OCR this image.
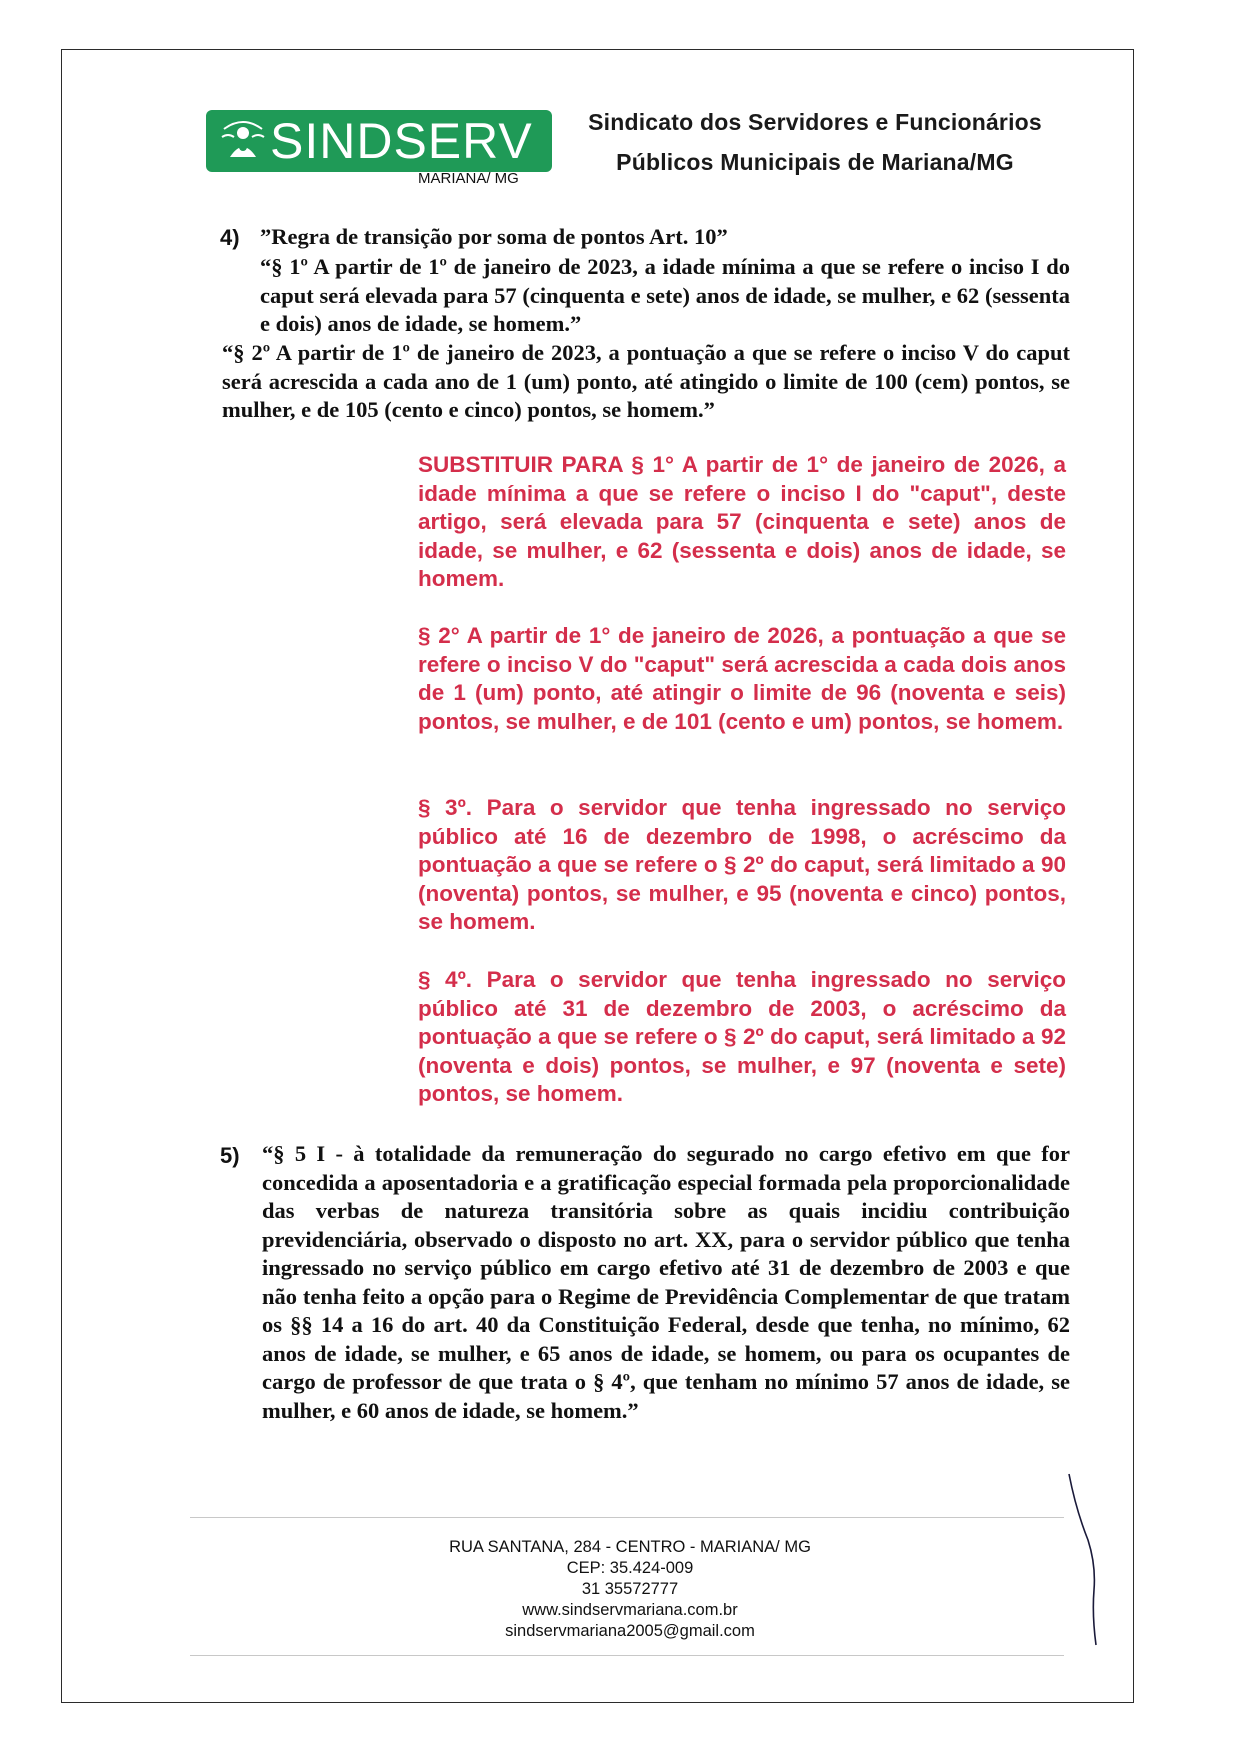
SINDSERV
MARIANA/ MG
Sindicato dos Servidores e Funcionários
Públicos Municipais de Mariana/MG
4) ”Regra de transição por soma de pontos Art. 10”
“§ 1º A partir de 1º de janeiro de 2023, a idade mínima a que se refere o inciso I do caput será elevada para 57 (cinquenta e sete) anos de idade, se mulher, e 62 (sessenta e dois) anos de idade, se homem.”
“§ 2º A partir de 1º de janeiro de 2023, a pontuação a que se refere o inciso V do caput será acrescida a cada ano de 1 (um) ponto, até atingido o limite de 100 (cem) pontos, se mulher, e de 105 (cento e cinco) pontos, se homem.”
SUBSTITUIR PARA § 1° A partir de 1° de janeiro de 2026, a idade mínima a que se refere o inciso I do "caput", deste artigo, será elevada para 57 (cinquenta e sete) anos de idade, se mulher, e 62 (sessenta e dois) anos de idade, se homem.
§ 2° A partir de 1° de janeiro de 2026, a pontuação a que se refere o inciso V do "caput" será acrescida a cada dois anos de 1 (um) ponto, até atingir o limite de 96 (noventa e seis) pontos, se mulher, e de 101 (cento e um) pontos, se homem.
§ 3º. Para o servidor que tenha ingressado no serviço público até 16 de dezembro de 1998, o acréscimo da pontuação a que se refere o § 2º do caput, será limitado a 90 (noventa) pontos, se mulher, e 95 (noventa e cinco) pontos, se homem.
§ 4º. Para o servidor que tenha ingressado no serviço público até 31 de dezembro de 2003, o acréscimo da pontuação a que se refere o § 2º do caput, será limitado a 92 (noventa e dois) pontos, se mulher, e 97 (noventa e sete) pontos, se homem.
5) “§ 5 I - à totalidade da remuneração do segurado no cargo efetivo em que for concedida a aposentadoria e a gratificação especial formada pela proporcionalidade das verbas de natureza transitória sobre as quais incidiu contribuição previdenciária, observado o disposto no art. XX, para o servidor público que tenha ingressado no serviço público em cargo efetivo até 31 de dezembro de 2003 e que não tenha feito a opção para o Regime de Previdência Complementar de que tratam os §§ 14 a 16 do art. 40 da Constituição Federal, desde que tenha, no mínimo, 62 anos de idade, se mulher, e 65 anos de idade, se homem, ou para os ocupantes de cargo de professor de que trata o § 4º, que tenham no mínimo 57 anos de idade, se mulher, e 60 anos de idade, se homem.”
RUA SANTANA, 284 - CENTRO - MARIANA/ MG
CEP: 35.424-009
31 35572777
www.sindservmariana.com.br
sindservmariana2005@gmail.com
